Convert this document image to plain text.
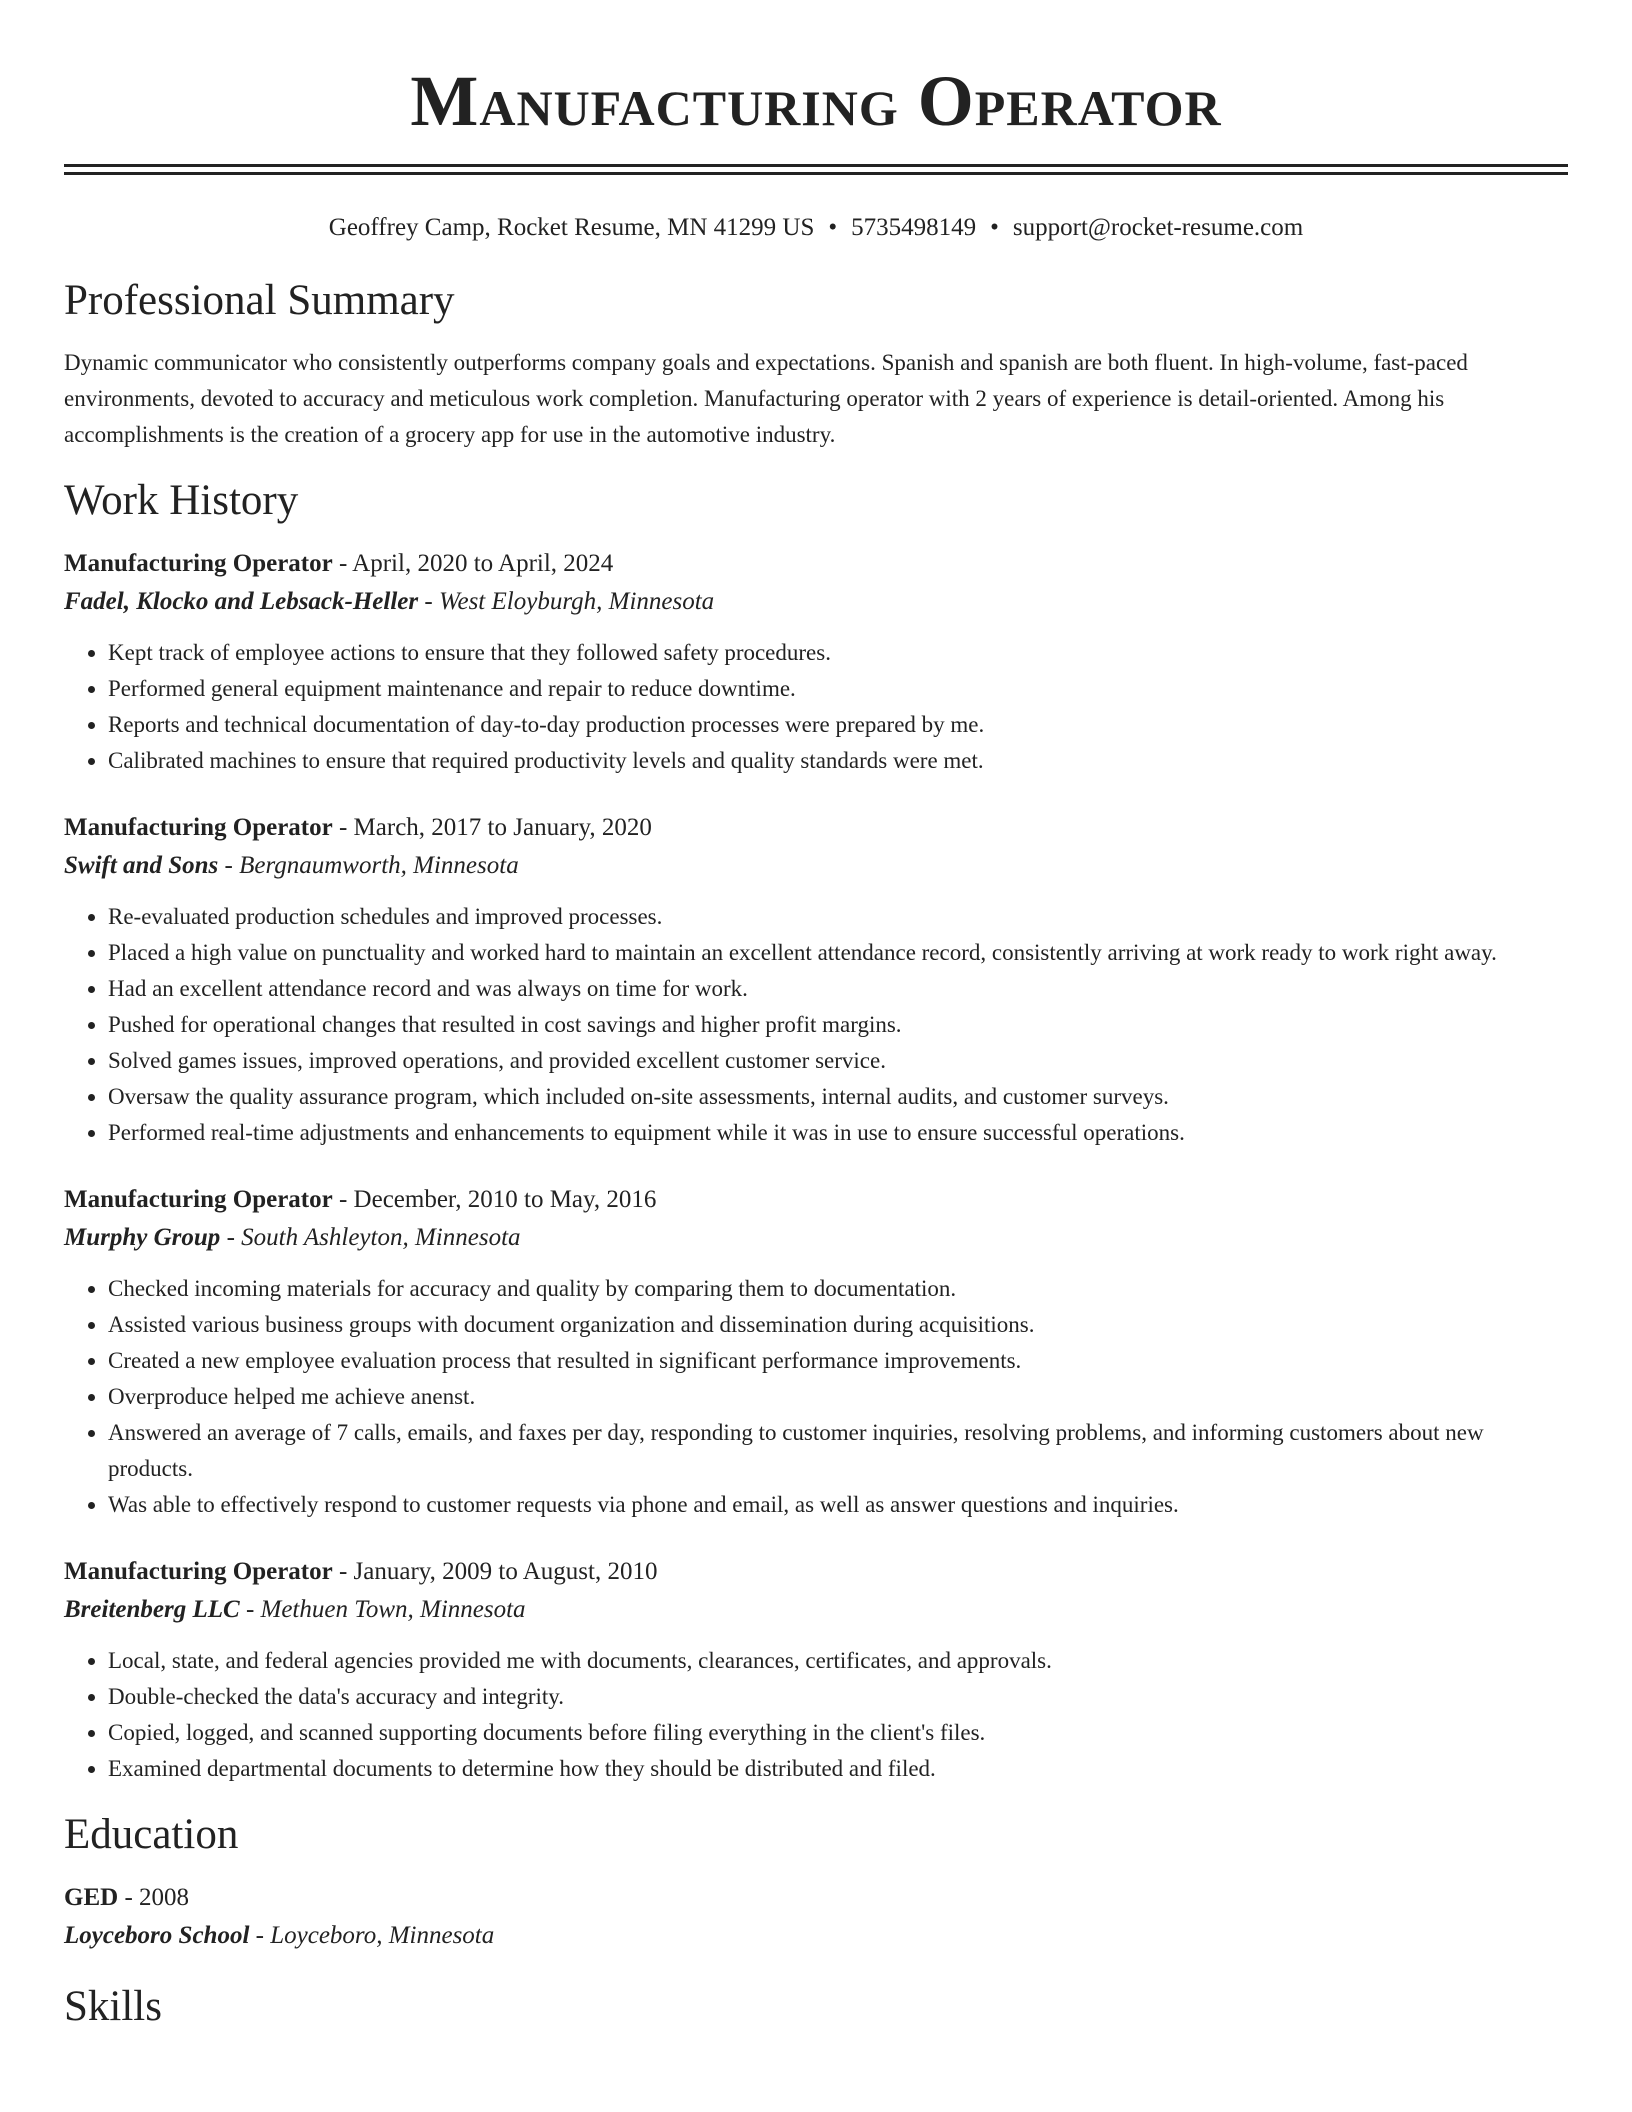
Manufacturing Operator
Geoffrey Camp, Rocket Resume, MN 41299 US • 5735498149 • support@rocket-resume.com
Professional Summary

Dynamic communicator who consistently outperforms company goals and expectations. Spanish and spanish are both fluent. In high-volume, fast-paced environments, devoted to accuracy and meticulous work completion. Manufacturing operator with 2 years of experience is detail-oriented. Among his accomplishments is the creation of a grocery app for use in the automotive industry.

Work History
Manufacturing Operator - April, 2020 to April, 2024
Fadel, Klocko and Lebsack-Heller - West Eloyburgh, Minnesota
• Kept track of employee actions to ensure that they followed safety procedures.
• Performed general equipment maintenance and repair to reduce downtime.
• Reports and technical documentation of day-to-day production processes were prepared by me.
• Calibrated machines to ensure that required productivity levels and quality standards were met.
Manufacturing Operator - March, 2017 to January, 2020
Swift and Sons - Bergnaumworth, Minnesota
• Re-evaluated production schedules and improved processes.
• Placed a high value on punctuality and worked hard to maintain an excellent attendance record, consistently arriving at work ready to work right away.
• Had an excellent attendance record and was always on time for work.
• Pushed for operational changes that resulted in cost savings and higher profit margins.
• Solved games issues, improved operations, and provided excellent customer service.
• Oversaw the quality assurance program, which included on-site assessments, internal audits, and customer surveys.
• Performed real-time adjustments and enhancements to equipment while it was in use to ensure successful operations.
Manufacturing Operator - December, 2010 to May, 2016
Murphy Group - South Ashleyton, Minnesota
• Checked incoming materials for accuracy and quality by comparing them to documentation.
• Assisted various business groups with document organization and dissemination during acquisitions.
• Created a new employee evaluation process that resulted in significant performance improvements.
• Overproduce helped me achieve anenst.
• Answered an average of 7 calls, emails, and faxes per day, responding to customer inquiries, resolving problems, and informing customers about new products.
• Was able to effectively respond to customer requests via phone and email, as well as answer questions and inquiries.
Manufacturing Operator - January, 2009 to August, 2010
Breitenberg LLC - Methuen Town, Minnesota
• Local, state, and federal agencies provided me with documents, clearances, certificates, and approvals.
• Double-checked the data's accuracy and integrity.
• Copied, logged, and scanned supporting documents before filing everything in the client's files.
• Examined departmental documents to determine how they should be distributed and filed.
Education
GED - 2008
Loyceboro School - Loyceboro, Minnesota
Skills
